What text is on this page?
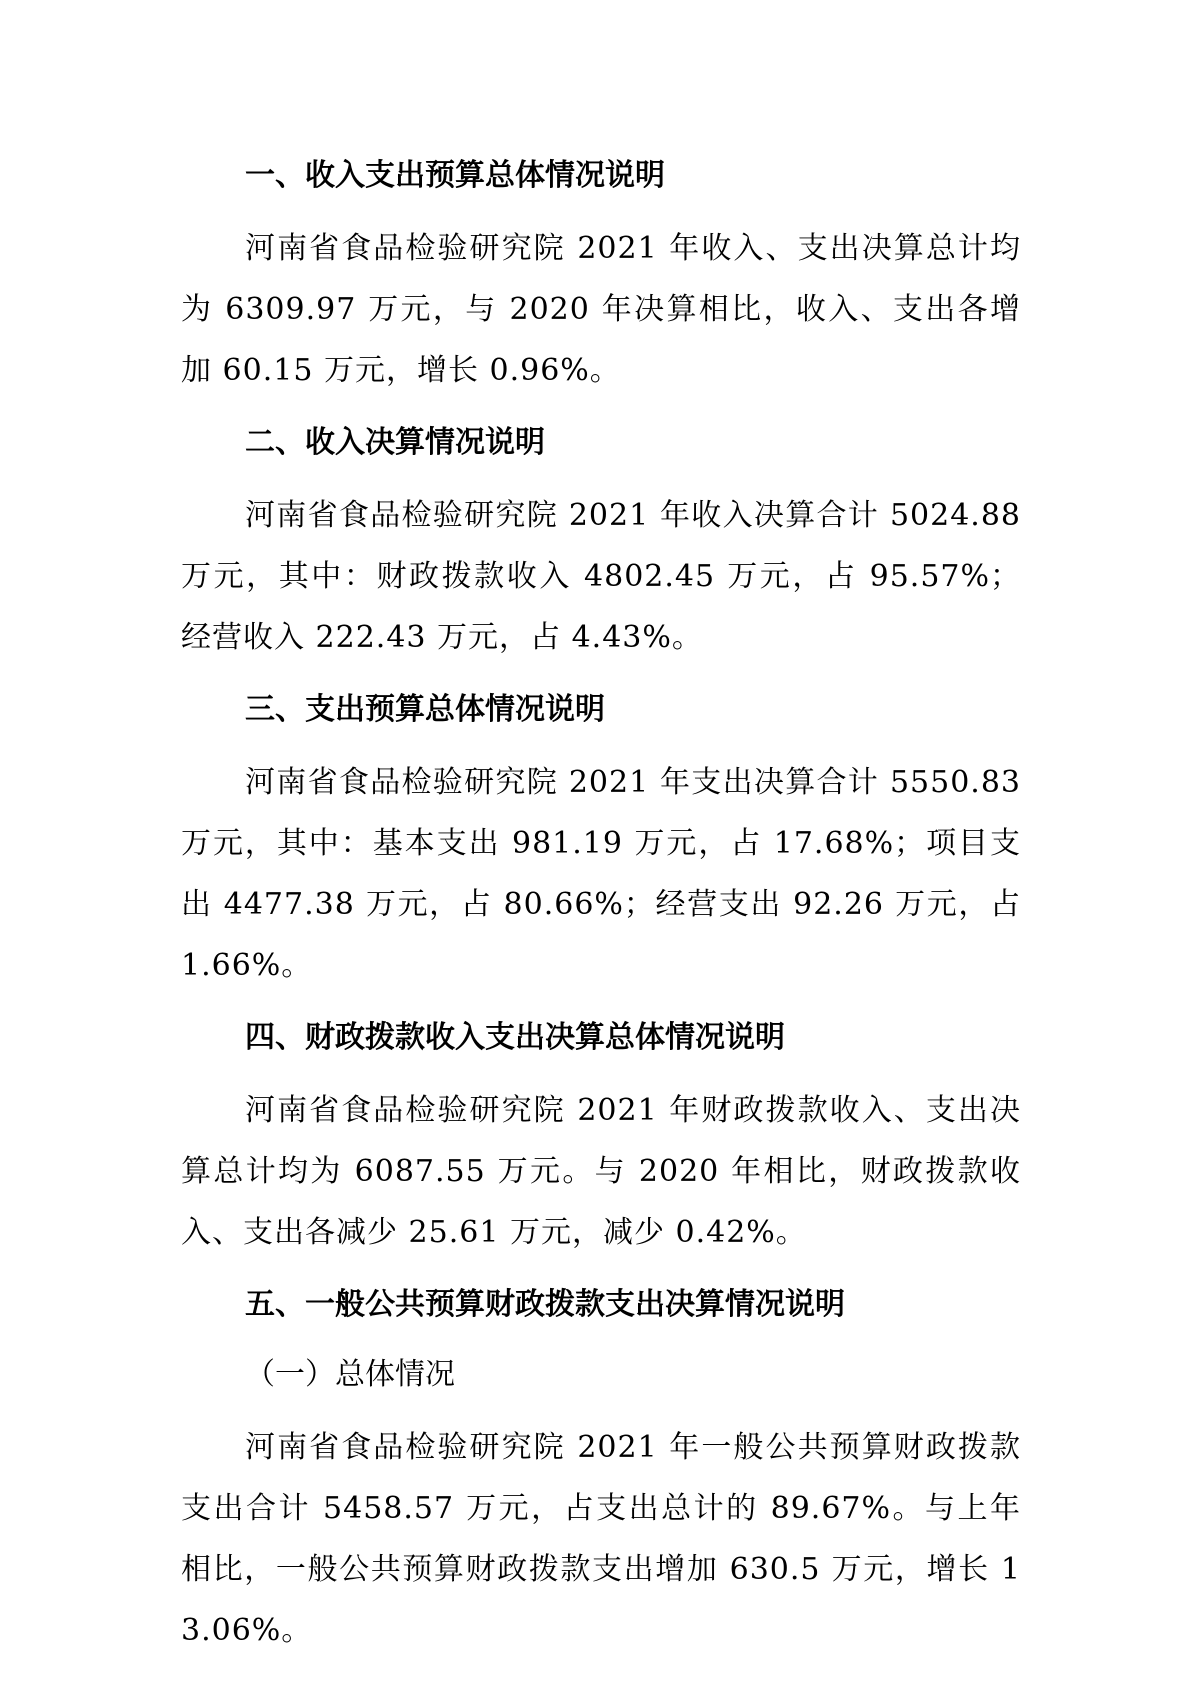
一、收入支出预算总体情况说明
河南省食品检验研究院 2021 年收入、支出决算总计均为 6309.97 万元，与 2020 年决算相比，收入、支出各增加 60.15 万元，增长 0.96%。
二、收入决算情况说明
河南省食品检验研究院 2021 年收入决算合计 5024.88 万元，其中：财政拨款收入 4802.45 万元，占 95.57%；经营收入 222.43 万元，占 4.43%。
三、支出预算总体情况说明
河南省食品检验研究院 2021 年支出决算合计 5550.83 万元，其中：基本支出 981.19 万元，占 17.68%；项目支出 4477.38 万元，占 80.66%；经营支出 92.26 万元，占 1.66%。
四、财政拨款收入支出决算总体情况说明
河南省食品检验研究院 2021 年财政拨款收入、支出决算总计均为 6087.55 万元。与 2020 年相比，财政拨款收入、支出各减少 25.61 万元，减少 0.42%。
五、一般公共预算财政拨款支出决算情况说明
（一）总体情况
河南省食品检验研究院 2021 年一般公共预算财政拨款支出合计 5458.57 万元，占支出总计的 89.67%。与上年相比，一般公共预算财政拨款支出增加 630.5 万元，增长 13.06%。
